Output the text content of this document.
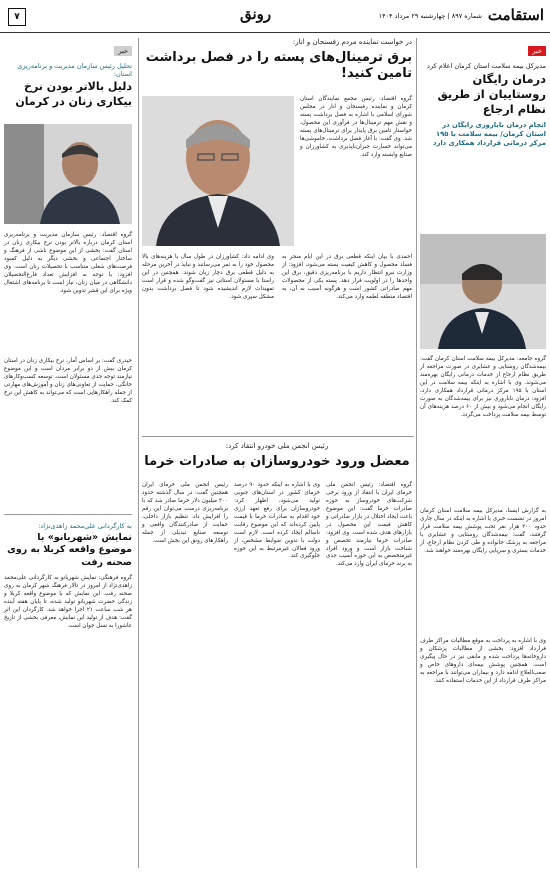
استقامت
شماره ۸۹۷ | چهارشنبه ۲۹ مرداد ۱۴۰۴
رونق
۷
خبر
مدیرکل بیمه سلامت استان کرمان اعلام کرد
درمان رایگان روستاییان از طریق نظام ارجاع
انجام درمان ناباروری رایگان در استان کرمان/ بیمه سلامت با ۱۹۵ مرکز درمانی قرارداد همکاری دارد
گروه جامعه: مدیرکل بیمه سلامت استان کرمان گفت: بیمه‌شدگان روستایی و عشایری در صورت مراجعه از طریق نظام ارجاع از خدمات درمانی رایگان بهره‌مند می‌شوند. وی با اشاره به اینکه بیمه سلامت در این استان با ۱۹۵ مرکز درمانی قرارداد همکاری دارد، افزود: درمان ناباروری نیز برای بیمه‌شدگان به صورت رایگان انجام می‌شود و بیش از ۶۰ درصد هزینه‌های آن توسط بیمه سلامت پرداخت می‌گردد.
به گزارش ایسنا، مدیرکل بیمه سلامت استان کرمان امروز در نشست خبری با اشاره به اینکه در سال جاری حدود ۲۰۰ هزار نفر تحت پوشش بیمه سلامت قرار گرفتند، گفت: بیمه‌شدگان روستایی و عشایری با مراجعه به پزشک خانواده و طی کردن نظام ارجاع، از خدمات بستری و سرپایی رایگان بهره‌مند خواهند شد.
وی با اشاره به پرداخت به موقع مطالبات مراکز طرف قرارداد افزود: بخشی از مطالبات پزشکان و داروخانه‌ها پرداخت شده و مابقی نیز در حال پیگیری است. همچنین پوشش بیمه‌ای داروهای خاص و صعب‌العلاج ادامه دارد و بیماران می‌توانند با مراجعه به مراکز طرف قرارداد از این خدمات استفاده کنند.
در خواست نماینده مردم رفسنجان و انار:
برق ترمینال‌های پسته را در فصل برداشت تامین کنید!
گروه اقتصاد: رئیس مجمع نمایندگان استان کرمان و نماینده رفسنجان و انار در مجلس شورای اسلامی با اشاره به فصل برداشت پسته و نقش مهم ترمینال‌ها در فرآوری این محصول، خواستار تامین برق پایدار برای ترمینال‌های پسته شد. وی گفت: با آغاز فصل برداشت، خاموشی‌ها می‌تواند خسارت جبران‌ناپذیری به کشاورزان و صنایع وابسته وارد کند.
احمدی با بیان اینکه قطعی برق در این ایام منجر به فساد محصول و کاهش کیفیت پسته می‌شود، افزود: از وزارت نیرو انتظار داریم با برنامه‌ریزی دقیق، برق این واحدها را در اولویت قرار دهد. پسته یکی از محصولات مهم صادراتی کشور است و هرگونه آسیب به آن، به اقتصاد منطقه لطمه وارد می‌کند.
وی ادامه داد: کشاورزان در طول سال با هزینه‌های بالا محصول خود را به ثمر می‌رسانند و نباید در آخرین مرحله به دلیل قطعی برق دچار زیان شوند. همچنین در این راستا با مسئولان استانی نیز گفت‌وگو شده و قرار است تمهیدات لازم اندیشیده شود تا فصل برداشت بدون مشکل سپری شود.
رئیس انجمن ملی خودرو انتقاد کرد:
معضل ورود خودروسازان به صادرات خرما
گروه اقتصاد: رئیس انجمن ملی خرمای ایران با انتقاد از ورود برخی شرکت‌های خودروساز به حوزه صادرات خرما گفت: این موضوع باعث ایجاد اختلال در بازار صادراتی و کاهش قیمت این محصول در بازارهای هدف شده است. وی افزود: صادرات خرما نیازمند تخصص و شناخت بازار است و ورود افراد غیرمتخصص به این حوزه آسیب جدی به برند خرمای ایران وارد می‌کند.
وی با اشاره به اینکه حدود ۹۰ درصد خرمای کشور در استان‌های جنوبی تولید می‌شود، اظهار کرد: خودروسازان برای رفع تعهد ارزی خود اقدام به صادرات خرما با قیمت پایین کرده‌اند که این موضوع رقابت ناسالم ایجاد کرده است. لازم است دولت با تدوین ضوابط مشخص، از ورود فعالان غیرمرتبط به این حوزه جلوگیری کند.
رئیس انجمن ملی خرمای ایران همچنین گفت: در سال گذشته حدود ۳۰۰ میلیون دلار خرما صادر شد که با برنامه‌ریزی درست می‌توان این رقم را افزایش داد. تنظیم بازار داخلی، حمایت از صادرکنندگان واقعی و توسعه صنایع تبدیلی از جمله راهکارهای رونق این بخش است.
خبر
تحلیل رئیس سازمان مدیریت و برنامه‌ریزی استان:
دلیل بالاتر بودن نرخ بیکاری زنان در کرمان
گروه اقتصاد: رئیس سازمان مدیریت و برنامه‌ریزی استان کرمان درباره بالاتر بودن نرخ بیکاری زنان در استان گفت: بخشی از این موضوع ناشی از فرهنگ و ساختار اجتماعی و بخشی دیگر به دلیل کمبود فرصت‌های شغلی متناسب با تحصیلات زنان است. وی افزود: با توجه به افزایش تعداد فارغ‌التحصیلان دانشگاهی در میان زنان، نیاز است تا برنامه‌های اشتغال ویژه برای این قشر تدوین شود.
حیدری گفت: بر اساس آمار، نرخ بیکاری زنان در استان کرمان بیش از دو برابر مردان است و این موضوع نیازمند توجه جدی مسئولان است. توسعه کسب‌وکارهای خانگی، حمایت از تعاونی‌های زنان و آموزش‌های مهارتی از جمله راهکارهایی است که می‌تواند به کاهش این نرخ کمک کند.
به کارگردانی علی‌محمد زاهدی‌نژاد:
نمایش «شهریانو» با موضوع واقعه کربلا به روی صحنه رفت
گروه فرهنگی: نمایش شهریانو به کارگردانی علی‌محمد زاهدی‌نژاد از امروز در تالار فرهنگ شهر کرمان به روی صحنه رفت. این نمایش که با موضوع واقعه کربلا و زندگی حضرت شهربانو تولید شده، تا پایان هفته آینده هر شب ساعت ۲۱ اجرا خواهد شد. کارگردان این اثر گفت: هدف از تولید این نمایش، معرفی بخشی از تاریخ عاشورا به نسل جوان است.
